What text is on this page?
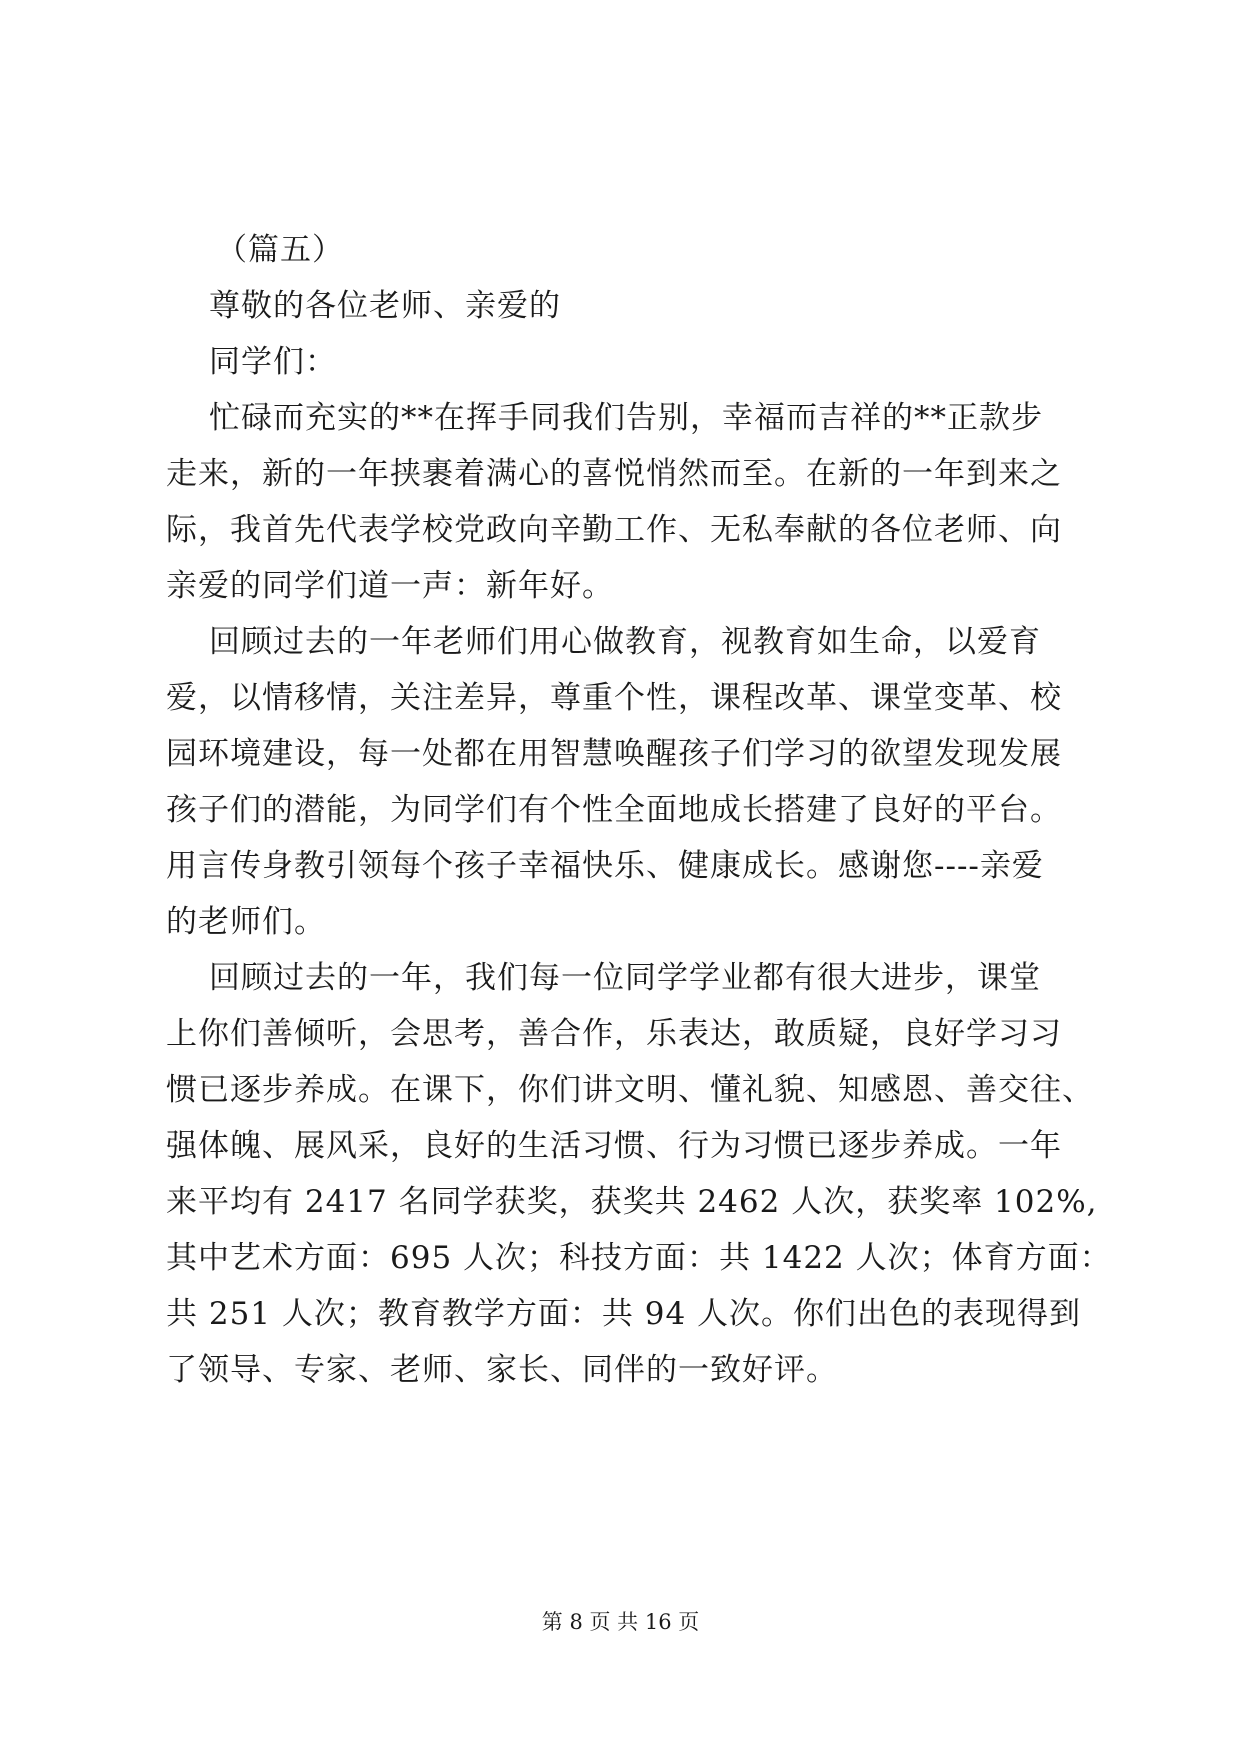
（篇五）
尊敬的各位老师、亲爱的
同学们：
忙碌而充实的**在挥手同我们告别，幸福而吉祥的**正款步
走来，新的一年挟裹着满心的喜悦悄然而至。在新的一年到来之
际，我首先代表学校党政向辛勤工作、无私奉献的各位老师、向
亲爱的同学们道一声：新年好。
回顾过去的一年老师们用心做教育，视教育如生命，以爱育
爱，以情移情，关注差异，尊重个性，课程改革、课堂变革、校
园环境建设，每一处都在用智慧唤醒孩子们学习的欲望发现发展
孩子们的潜能，为同学们有个性全面地成长搭建了良好的平台。
用言传身教引领每个孩子幸福快乐、健康成长。感谢您----亲爱
的老师们。
回顾过去的一年，我们每一位同学学业都有很大进步，课堂
上你们善倾听，会思考，善合作，乐表达，敢质疑，良好学习习
惯已逐步养成。在课下，你们讲文明、懂礼貌、知感恩、善交往、
强体魄、展风采，良好的生活习惯、行为习惯已逐步养成。一年
来平均有 2417 名同学获奖，获奖共 2462 人次，获奖率 102%,
其中艺术方面：695 人次；科技方面：共 1422 人次；体育方面：
共 251 人次；教育教学方面：共 94 人次。你们出色的表现得到
了领导、专家、老师、家长、同伴的一致好评。
第 8 页 共 16 页
